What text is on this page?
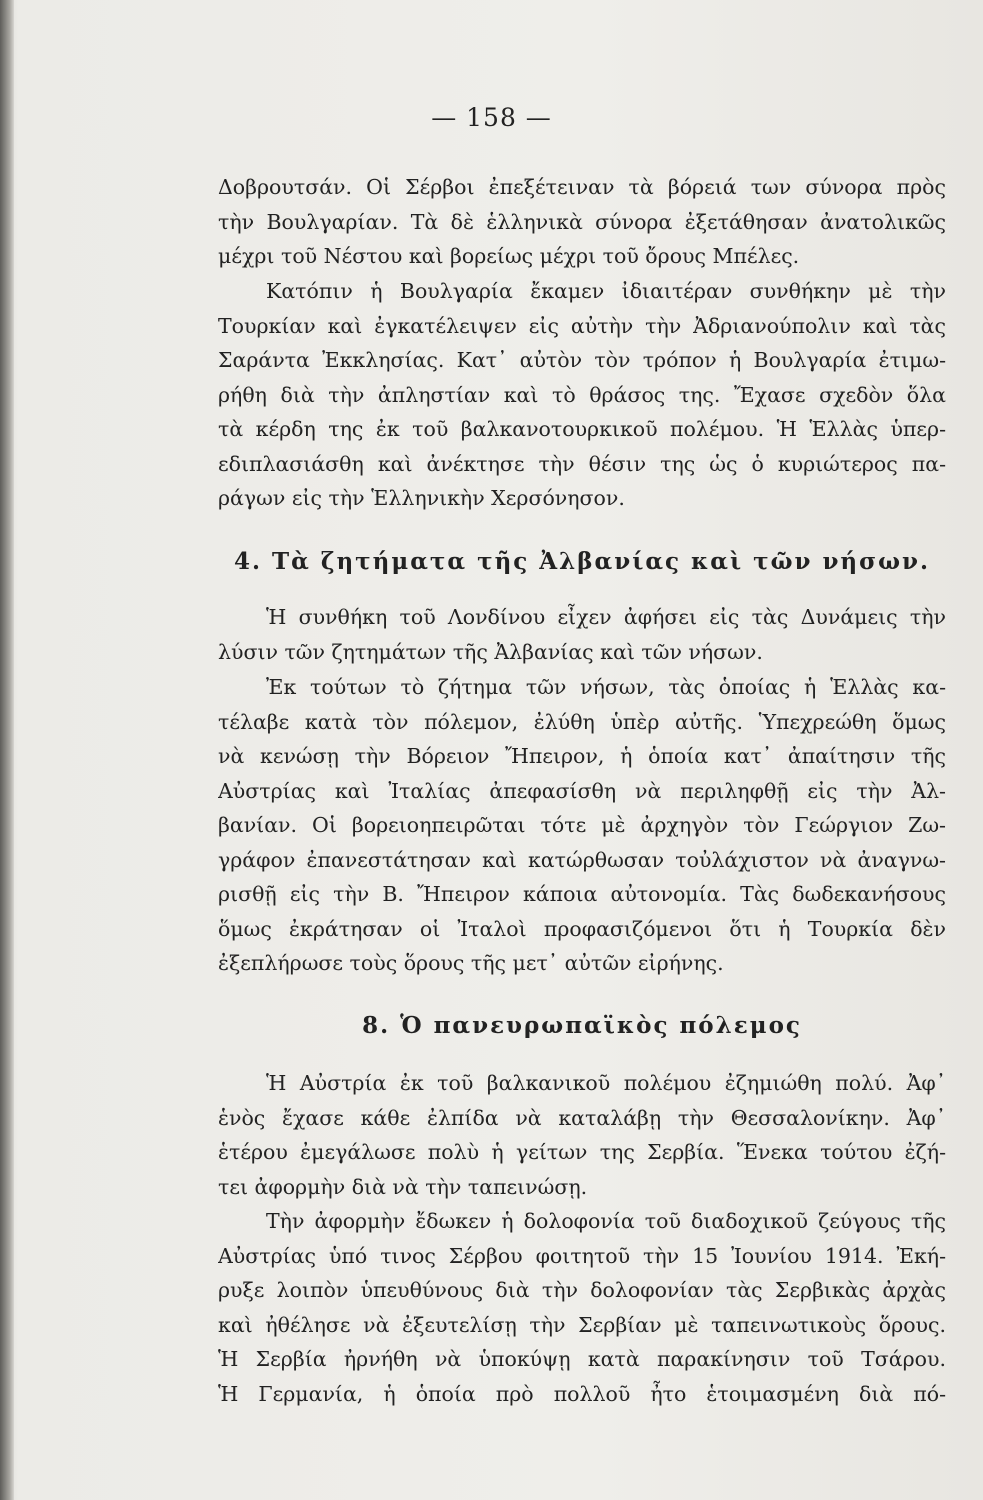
— 158 —
Δοβρουτσάν. Οἱ Σέρβοι ἐπεξέτειναν τὰ βόρειά των σύνορα πρὸς
τὴν Βουλγαρίαν. Τὰ δὲ ἑλληνικὰ σύνορα ἐξετάθησαν ἀνατολικῶς
μέχρι τοῦ Νέστου καὶ βορείως μέχρι τοῦ ὄρους Μπέλες.
Κατόπιν ἡ Βουλγαρία ἔκαμεν ἰδιαιτέραν συνθήκην μὲ τὴν
Τουρκίαν καὶ ἐγκατέλειψεν εἰς αὐτὴν τὴν Ἀδριανούπολιν καὶ τὰς
Σαράντα Ἐκκλησίας. Κατ᾽ αὐτὸν τὸν τρόπον ἡ Βουλγαρία ἐτιμω-
ρήθη διὰ τὴν ἀπληστίαν καὶ τὸ θράσος της. Ἔχασε σχεδὸν ὅλα
τὰ κέρδη της ἐκ τοῦ βαλκανοτουρκικοῦ πολέμου. Ἡ Ἑλλὰς ὑπερ-
εδιπλασιάσθη καὶ ἀνέκτησε τὴν θέσιν της ὡς ὁ κυριώτερος πα-
ράγων εἰς τὴν Ἑλληνικὴν Χερσόνησον.
4. Τὰ ζητήματα τῆς Ἀλβανίας καὶ τῶν νήσων.
Ἡ συνθήκη τοῦ Λονδίνου εἶχεν ἀφήσει εἰς τὰς Δυνάμεις τὴν
λύσιν τῶν ζητημάτων τῆς Ἀλβανίας καὶ τῶν νήσων.
Ἐκ τούτων τὸ ζήτημα τῶν νήσων, τὰς ὁποίας ἡ Ἑλλὰς κα-
τέλαβε κατὰ τὸν πόλεμον, ἐλύθη ὑπὲρ αὐτῆς. Ὑπεχρεώθη ὅμως
νὰ κενώσῃ τὴν Βόρειον Ἤπειρον, ἡ ὁποία κατ᾽ ἀπαίτησιν τῆς
Αὐστρίας καὶ Ἰταλίας ἀπεφασίσθη νὰ περιληφθῇ εἰς τὴν Ἀλ-
βανίαν. Οἱ βορειοηπειρῶται τότε μὲ ἀρχηγὸν τὸν Γεώργιον Ζω-
γράφον ἐπανεστάτησαν καὶ κατώρθωσαν τοὐλάχιστον νὰ ἀναγνω-
ρισθῇ εἰς τὴν Β. Ἤπειρον κάποια αὐτονομία. Τὰς δωδεκανήσους
ὅμως ἐκράτησαν οἱ Ἰταλοὶ προφασιζόμενοι ὅτι ἡ Τουρκία δὲν
ἐξεπλήρωσε τοὺς ὅρους τῆς μετ᾽ αὐτῶν εἰρήνης.
8. Ὁ πανευρωπαϊκὸς πόλεμος
Ἡ Αὐστρία ἐκ τοῦ βαλκανικοῦ πολέμου ἐζημιώθη πολύ. Ἀφ᾽
ἑνὸς ἔχασε κάθε ἐλπίδα νὰ καταλάβῃ τὴν Θεσσαλονίκην. Ἀφ᾽
ἑτέρου ἐμεγάλωσε πολὺ ἡ γείτων της Σερβία. Ἕνεκα τούτου ἐζή-
τει ἀφορμὴν διὰ νὰ τὴν ταπεινώσῃ.
Τὴν ἀφορμὴν ἔδωκεν ἡ δολοφονία τοῦ διαδοχικοῦ ζεύγους τῆς
Αὐστρίας ὑπό τινος Σέρβου φοιτητοῦ τὴν 15 Ἰουνίου 1914. Ἐκή-
ρυξε λοιπὸν ὑπευθύνους διὰ τὴν δολοφονίαν τὰς Σερβικὰς ἀρχὰς
καὶ ἠθέλησε νὰ ἐξευτελίσῃ τὴν Σερβίαν μὲ ταπεινωτικοὺς ὅρους.
Ἡ Σερβία ἠρνήθη νὰ ὑποκύψῃ κατὰ παρακίνησιν τοῦ Τσάρου.
Ἡ Γερμανία, ἡ ὁποία πρὸ πολλοῦ ἦτο ἑτοιμασμένη διὰ πό-
